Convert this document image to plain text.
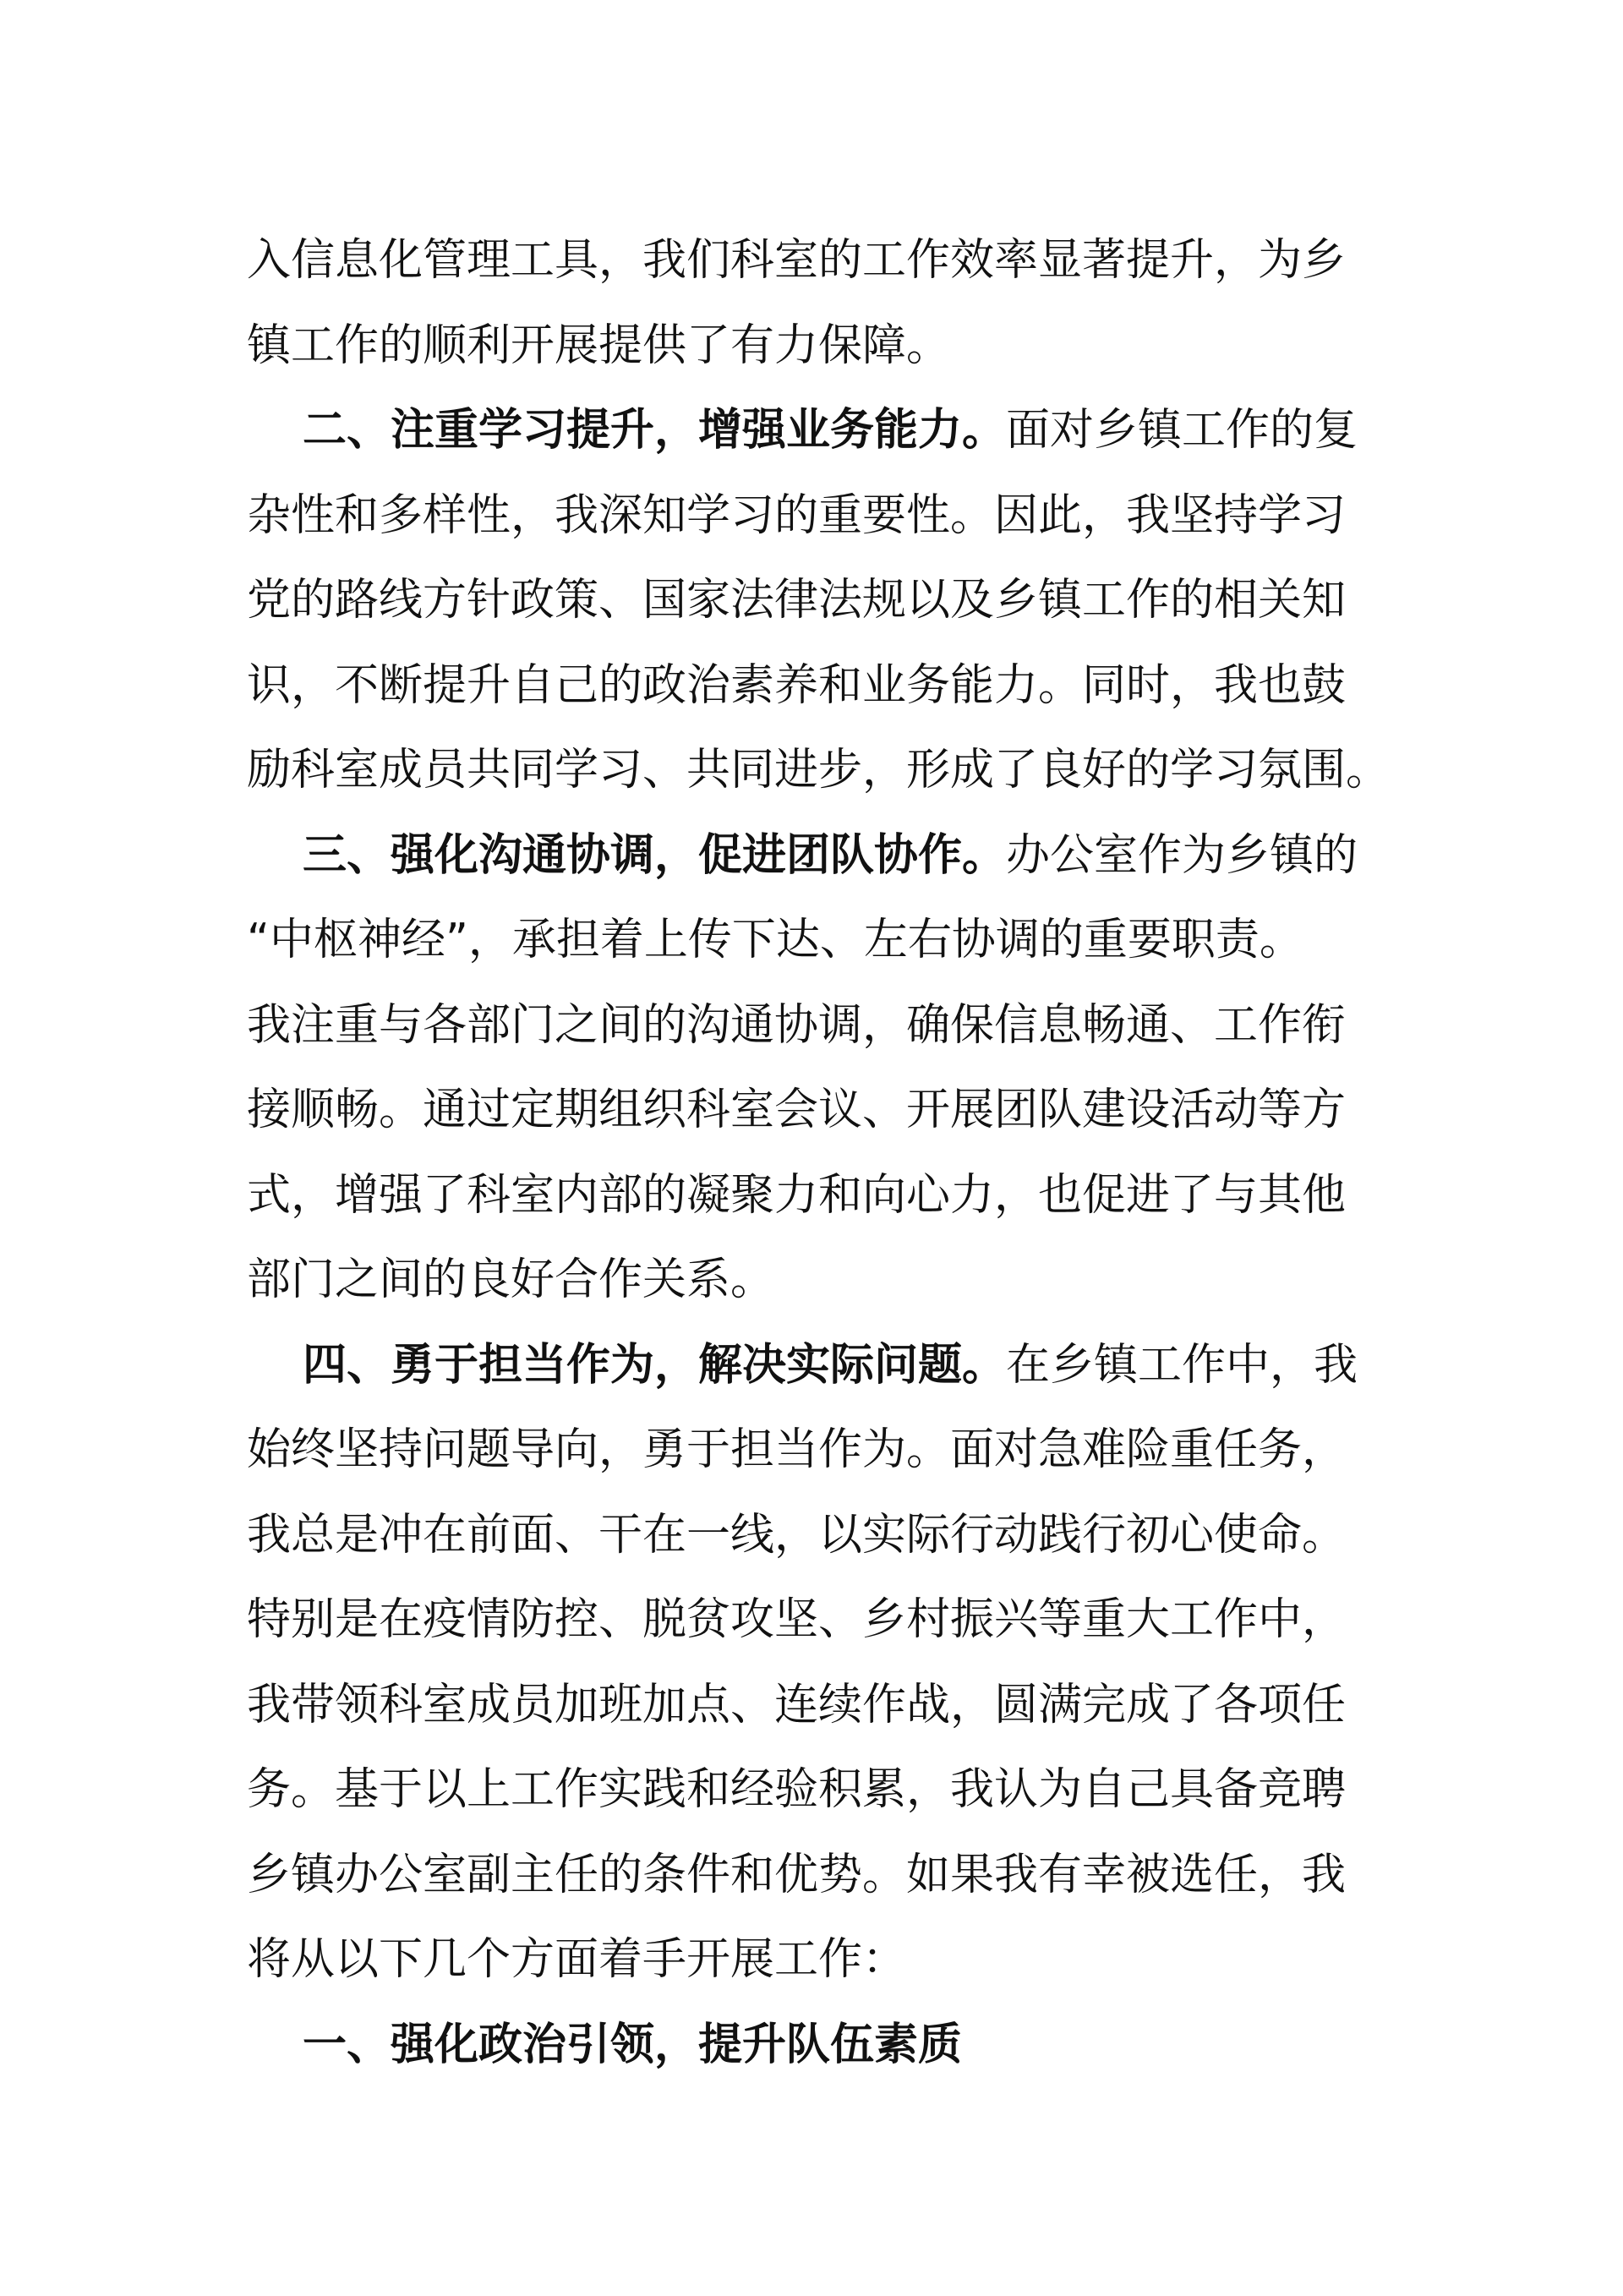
入信息化管理工具，我们科室的工作效率显著提升，为乡
镇工作的顺利开展提供了有力保障。
二、注重学习提升，增强业务能力。面对乡镇工作的复
杂性和多样性，我深知学习的重要性。因此，我坚持学习
党的路线方针政策、国家法律法规以及乡镇工作的相关知
识，不断提升自己的政治素养和业务能力。同时，我也鼓
励科室成员共同学习、共同进步，形成了良好的学习氛围。
三、强化沟通协调，促进团队协作。办公室作为乡镇的
“中枢神经”，承担着上传下达、左右协调的重要职责。
我注重与各部门之间的沟通协调，确保信息畅通、工作衔
接顺畅。通过定期组织科室会议、开展团队建设活动等方
式，增强了科室内部的凝聚力和向心力，也促进了与其他
部门之间的良好合作关系。
四、勇于担当作为，解决实际问题。在乡镇工作中，我
始终坚持问题导向，勇于担当作为。面对急难险重任务，
我总是冲在前面、干在一线，以实际行动践行初心使命。
特别是在疫情防控、脱贫攻坚、乡村振兴等重大工作中，
我带领科室成员加班加点、连续作战，圆满完成了各项任
务。基于以上工作实践和经验积累，我认为自己具备竞聘
乡镇办公室副主任的条件和优势。如果我有幸被选任，我
将从以下几个方面着手开展工作：
一、强化政治引领，提升队伍素质
